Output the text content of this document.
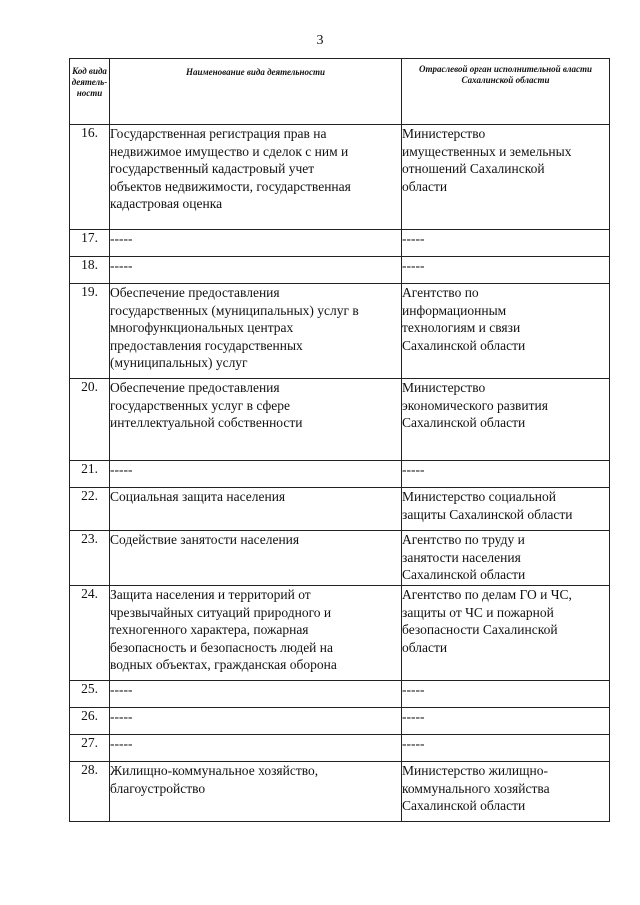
3
Код вида деятель- ности	Наименование вида деятельности	Отраслевой орган исполнительной власти Сахалинской области

16.	Государственная регистрация прав на
недвижимое имущество и сделок с ним и
государственный кадастровый учет
объектов недвижимости, государственная
кадастровая оценка	Министерство
имущественных и земельных
отношений Сахалинской
области

17.	-----	-----

18.	-----	-----

19.	Обеспечение предоставления
государственных (муниципальных) услуг в
многофункциональных центрах
предоставления государственных
(муниципальных) услуг	Агентство по
информационным
технологиям и связи
Сахалинской области

20.	Обеспечение предоставления
государственных услуг в сфере
интеллектуальной собственности	Министерство
экономического развития
Сахалинской области

21.	-----	-----

22.	Социальная защита населения	Министерство социальной
защиты Сахалинской области

23.	Содействие занятости населения	Агентство по труду и
занятости населения
Сахалинской области

24.	Защита населения и территорий от
чрезвычайных ситуаций природного и
техногенного характера, пожарная
безопасность и безопасность людей на
водных объектах, гражданская оборона	Агентство по делам ГО и ЧС,
защиты от ЧС и пожарной
безопасности Сахалинской
области

25.	-----	-----

26.	-----	-----

27.	-----	-----

28.	Жилищно-коммунальное хозяйство,
благоустройство	Министерство жилищно-
коммунального хозяйства
Сахалинской области
